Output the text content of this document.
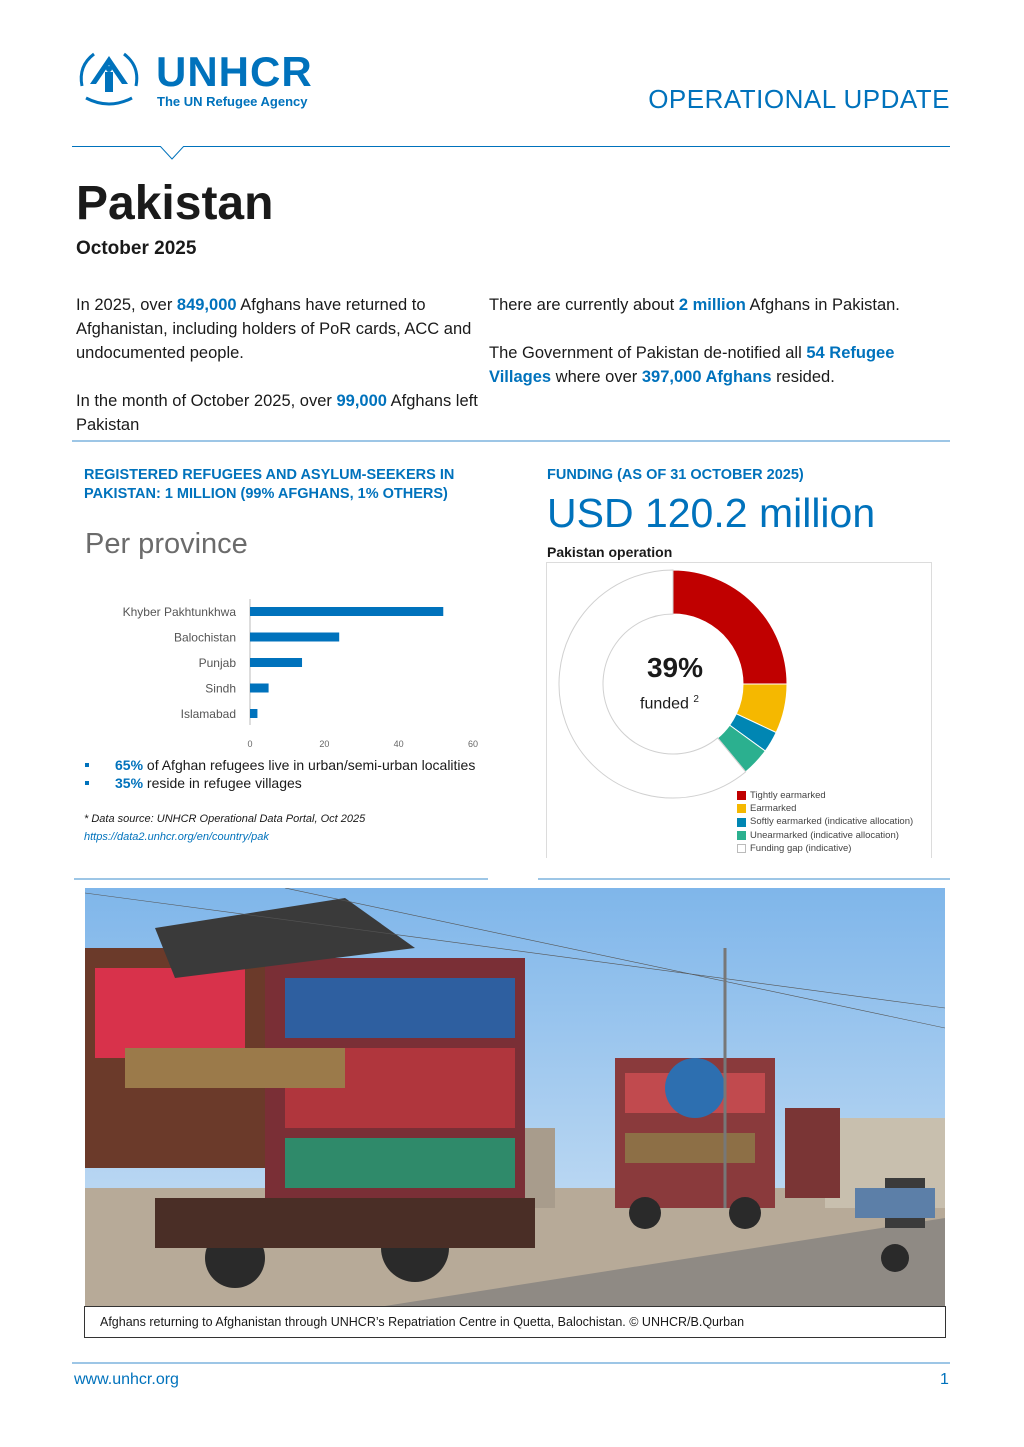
UNHCR
The UN Refugee Agency	OPERATIONAL UPDATE
Pakistan
October 2025
In 2025, over 849,000 Afghans have returned to Afghanistan, including holders of PoR cards, ACC and undocumented people.
In the month of October 2025, over 99,000 Afghans left Pakistan
There are currently about 2 million Afghans in Pakistan.
The Government of Pakistan de-notified all 54 Refugee Villages where over 397,000 Afghans resided.
REGISTERED REFUGEES AND ASYLUM-SEEKERS IN PAKISTAN: 1 MILLION (99% AFGHANS, 1% OTHERS)
Per province
Khyber Pakhtunkhwa
Balochistan
Punjab
Sindh
Islamabad
0	20	40	60
65% of Afghan refugees live in urban/semi-urban localities
35% reside in refugee villages
* Data source: UNHCR Operational Data Portal, Oct 2025
https://data2.unhcr.org/en/country/pak
FUNDING (AS OF 31 OCTOBER 2025)
USD 120.2 million
Pakistan operation
39%
funded $^2$
Tightly earmarked
Earmarked
Softly earmarked (indicative allocation)
Unearmarked (indicative allocation)
Funding gap (indicative)
Afghans returning to Afghanistan through UNHCR’s Repatriation Centre in Quetta, Balochistan. © UNHCR/B.Qurban
www.unhcr.org	1
